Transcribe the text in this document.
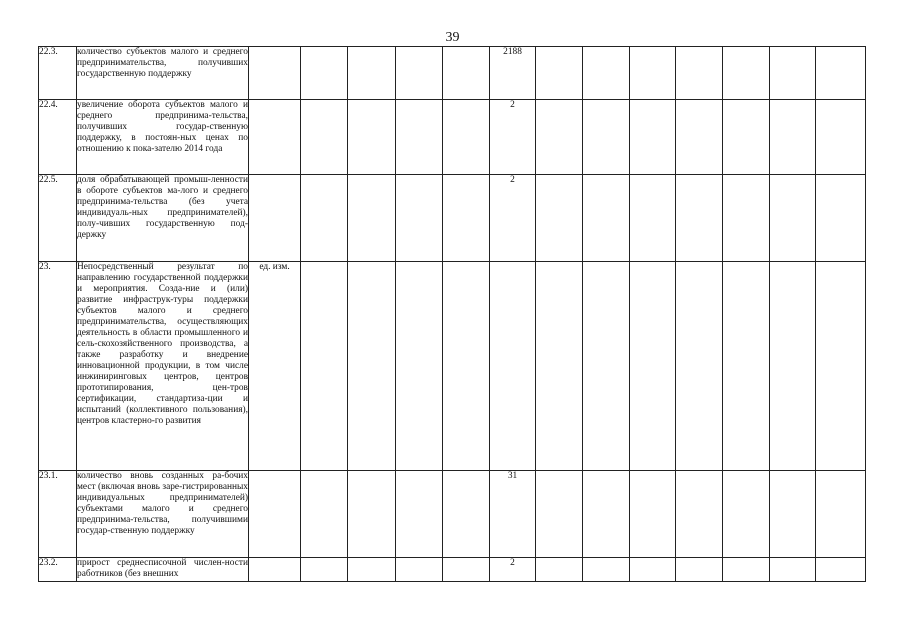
39
22.3.	количество субъектов малого и среднего предпринимательства, получивших государственную поддержку						2188							
22.4.	увеличение оборота субъектов малого и среднего предпринима-тельства, получивших государ-ственную поддержку, в постоян-ных ценах по отношению к пока-зателю 2014 года						2							
22.5.	доля обрабатывающей промыш-ленности в обороте субъектов ма-лого и среднего предпринима-тельства (без учета индивидуаль-ных предпринимателей), полу-чивших государственную под-держку						2							
23.	Непосредственный результат по направлению государственной поддержки и мероприятия. Созда-ние и (или) развитие инфраструк-туры поддержки субъектов малого и среднего предпринимательства, осуществляющих деятельность в области промышленного и сель-скохозяйственного производства, а также разработку и внедрение инновационной продукции, в том числе инжиниринговых центров, центров прототипирования, цен-тров сертификации, стандартиза-ции и испытаний (коллективного пользования), центров кластерно-го развития	ед. изм.												
23.1.	количество вновь созданных ра-бочих мест (включая вновь заре-гистрированных индивидуальных предпринимателей) субъектами малого и среднего предпринима-тельства, получившими государ-ственную поддержку						31							
23.2.	прирост среднесписочной числен-ности работников (без внешних						2							
